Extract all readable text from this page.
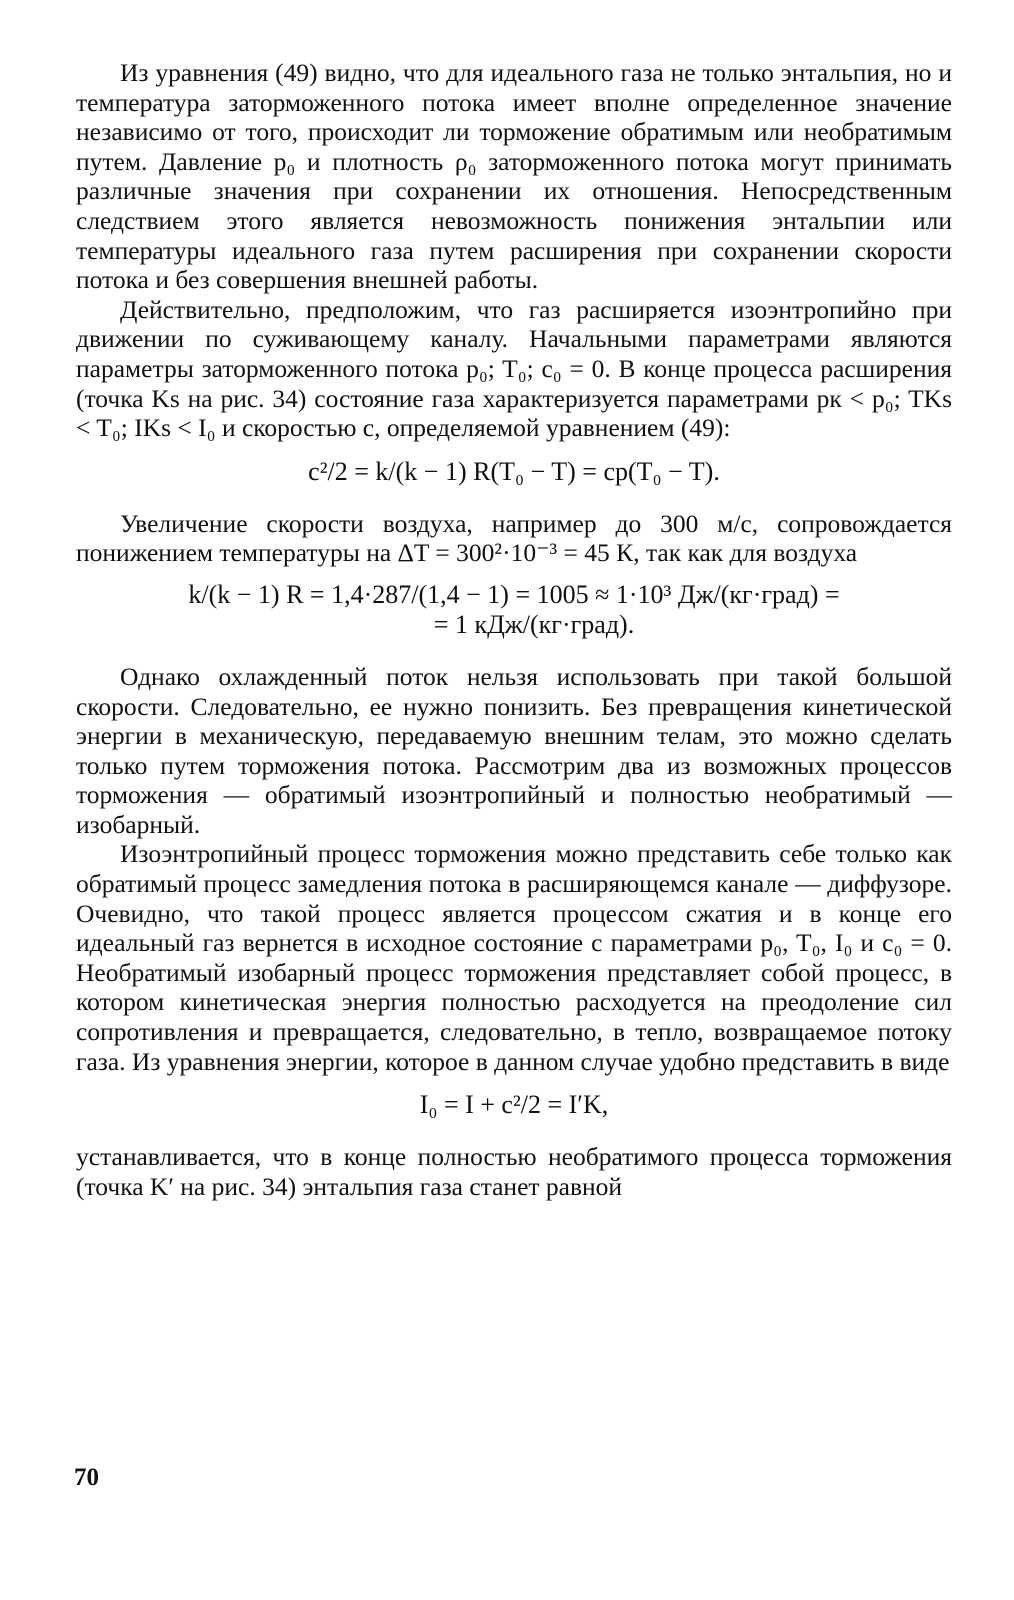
Из уравнения (49) видно, что для идеального газа не только энтальпия, но и температура заторможенного потока имеет вполне определенное значение независимо от того, происходит ли торможение обратимым или необратимым путем. Давление p₀ и плотность ρ₀ заторможенного потока могут принимать различные значения при сохранении их отношения. Непосредственным следствием этого является невозможность понижения энтальпии или температуры идеального газа путем расширения при сохранении скорости потока и без совершения внешней работы.

Действительно, предположим, что газ расширяется изоэнтропийно при движении по суживающему каналу. Начальными параметрами являются параметры заторможенного потока p₀; T₀; c₀ = 0. В конце процесса расширения (точка Ks на рис. 34) состояние газа характеризуется параметрами pк < p₀; TKs < T₀; IKs < I₀ и скоростью c, определяемой уравнением (49):

c²/2 = k/(k − 1) R(T₀ − T) = cp(T₀ − T).

Увеличение скорости воздуха, например до 300 м/с, сопровождается понижением температуры на ΔT = 300²·10⁻³ = 45 К, так как для воздуха

k/(k − 1) R = 1,4·287/(1,4 − 1) = 1005 ≈ 1·10³ Дж/(кг·град) =
= 1 кДж/(кг·град).

Однако охлажденный поток нельзя использовать при такой большой скорости. Следовательно, ее нужно понизить. Без превращения кинетической энергии в механическую, передаваемую внешним телам, это можно сделать только путем торможения потока. Рассмотрим два из возможных процессов торможения — обратимый изоэнтропийный и полностью необратимый — изобарный.

Изоэнтропийный процесс торможения можно представить себе только как обратимый процесс замедления потока в расширяющемся канале — диффузоре. Очевидно, что такой процесс является процессом сжатия и в конце его идеальный газ вернется в исходное состояние с параметрами p₀, T₀, I₀ и c₀ = 0. Необратимый изобарный процесс торможения представляет собой процесс, в котором кинетическая энергия полностью расходуется на преодоление сил сопротивления и превращается, следовательно, в тепло, возвращаемое потоку газа. Из уравнения энергии, которое в данном случае удобно представить в виде

I₀ = I + c²/2 = I′K,

устанавливается, что в конце полностью необратимого процесса торможения (точка K′ на рис. 34) энтальпия газа станет равной

70
